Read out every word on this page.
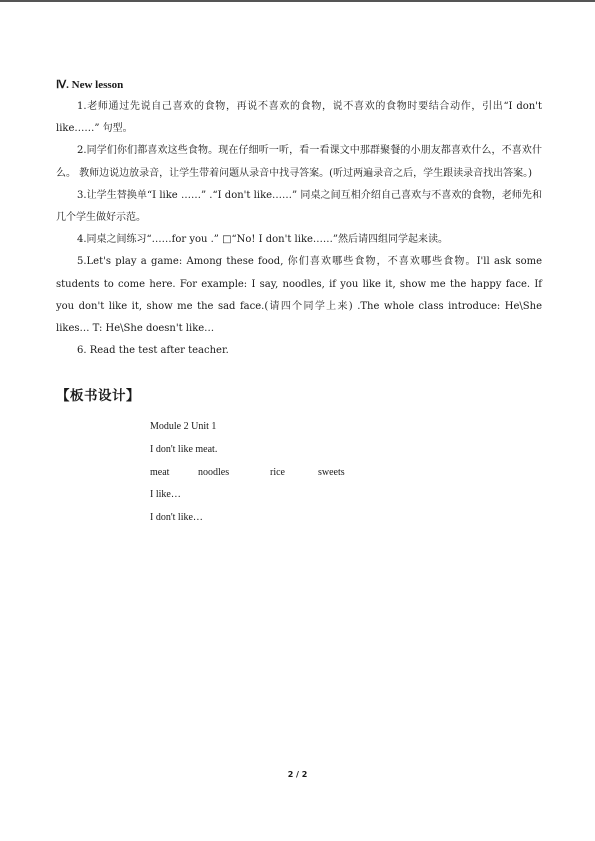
Ⅳ. New lesson

1.老师通过先说自己喜欢的食物，再说不喜欢的食物，说不喜欢的食物时要结合动作，引出“I don't like……” 句型。

2.同学们你们都喜欢这些食物。现在仔细听一听，看一看课文中那群聚餐的小朋友都喜欢什么，不喜欢什么。 教师边说边放录音，让学生带着问题从录音中找寻答案。(听过两遍录音之后，学生跟读录音找出答案。)

3.让学生替换单“I like ……” .“I don't like……” 同桌之间互相介绍自己喜欢与不喜欢的食物，老师先和几个学生做好示范。

4.同桌之间练习“……for you .” □“No! I don't like……”然后请四组同学起来读。

5.Let's play a game: Among these food, 你们喜欢哪些食物，不喜欢哪些食物。I'll ask some students to come here. For example: I say, noodles, if you like it, show me the happy face. If you don't like it, show me the sad face.(请四个同学上来) .The whole class introduce: He\She likes… T: He\She doesn't like…

6. Read the test after teacher.

【板书设计】
Module 2 Unit 1
I don't like meat.
meat	noodles	rice	sweets
I like…
I don't like…
2 / 2
